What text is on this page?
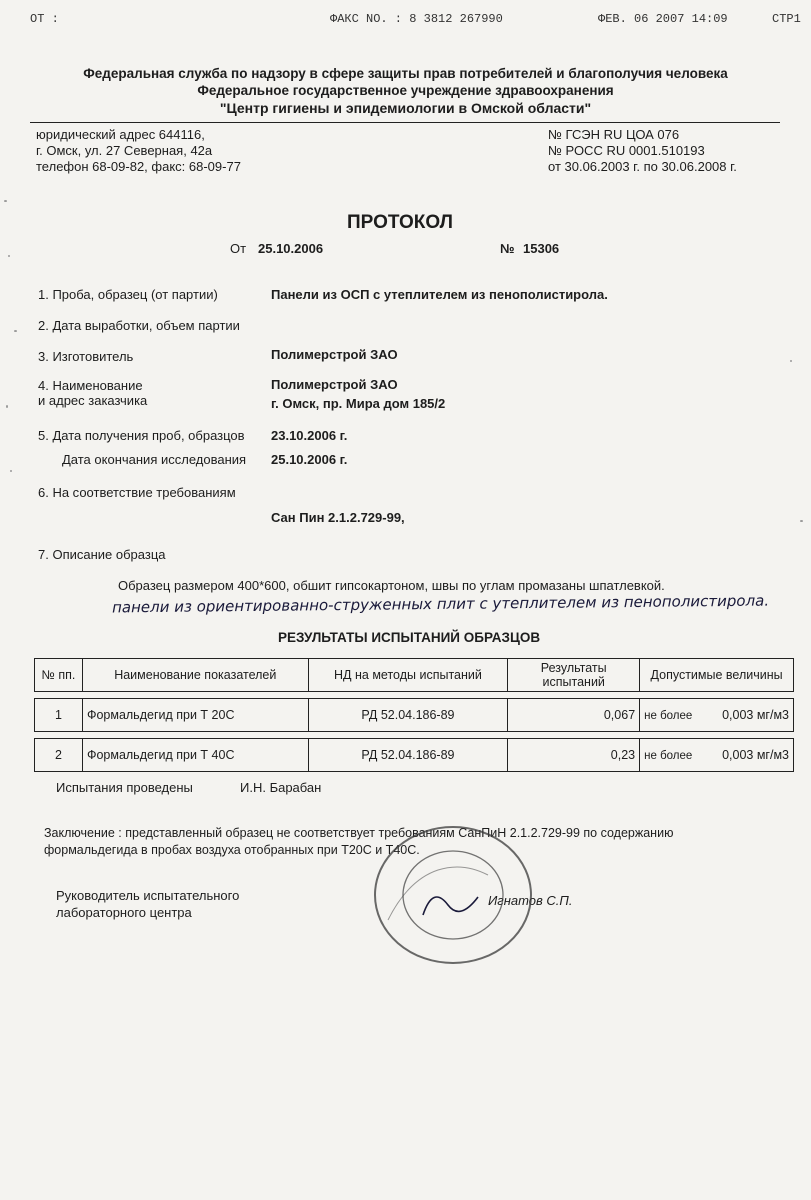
ОТ :	ФАКС NO. : 8 3812 267990	ФЕВ. 06 2007 14:09	СТР1
Федеральная служба по надзору в сфере защиты прав потребителей и благополучия человека
Федеральное государственное учреждение здравоохранения
"Центр гигиены и эпидемиологии в Омской области"
юридический адрес 644116,
г. Омск, ул. 27 Северная, 42а
телефон 68-09-82, факс: 68-09-77
№ ГСЭН RU ЦОА 076
№ РОСС RU 0001.510193
от 30.06.2003 г. по 30.06.2008 г.
ПРОТОКОЛ
От 25.10.2006	№ 15306
1. Проба, образец (от партии)	Панели из ОСП с утеплителем из пенополистирола.
2. Дата выработки, объем партии
3. Изготовитель	Полимерстрой ЗАО
4. Наименование
и адрес заказчика
Полимерстрой ЗАО
г. Омск, пр. Мира дом 185/2
5. Дата получения проб, образцов 23.10.2006 г.
Дата окончания исследования 25.10.2006 г.
6. На соответствие требованиям
Сан Пин 2.1.2.729-99,
7. Описание образца
Образец размером 400*600, обшит гипсокартоном, швы по углам промазаны шпатлевкой.
панели из ориентированно-струженных плит с утеплителем из пенополистирола.
РЕЗУЛЬТАТЫ ИСПЫТАНИЙ ОБРАЗЦОВ
№ пп.	Наименование показателей	НД на методы испытаний	Результаты испытаний	Допустимые величины

1	Формальдегид при Т 20С	РД 52.04.186-89	0,067	не более 0,003 мг/м3

2	Формальдегид при Т 40С	РД 52.04.186-89	0,23	не более 0,003 мг/м3
Испытания проведены	И.Н. Барабан
Заключение : представленный образец не соответствует требованиям СанПиН 2.1.2.729-99 по содержанию
формальдегида в пробах воздуха отобранных при Т20С и Т40С.
Руководитель испытательного
лабораторного центра
Игнатов С.П.
